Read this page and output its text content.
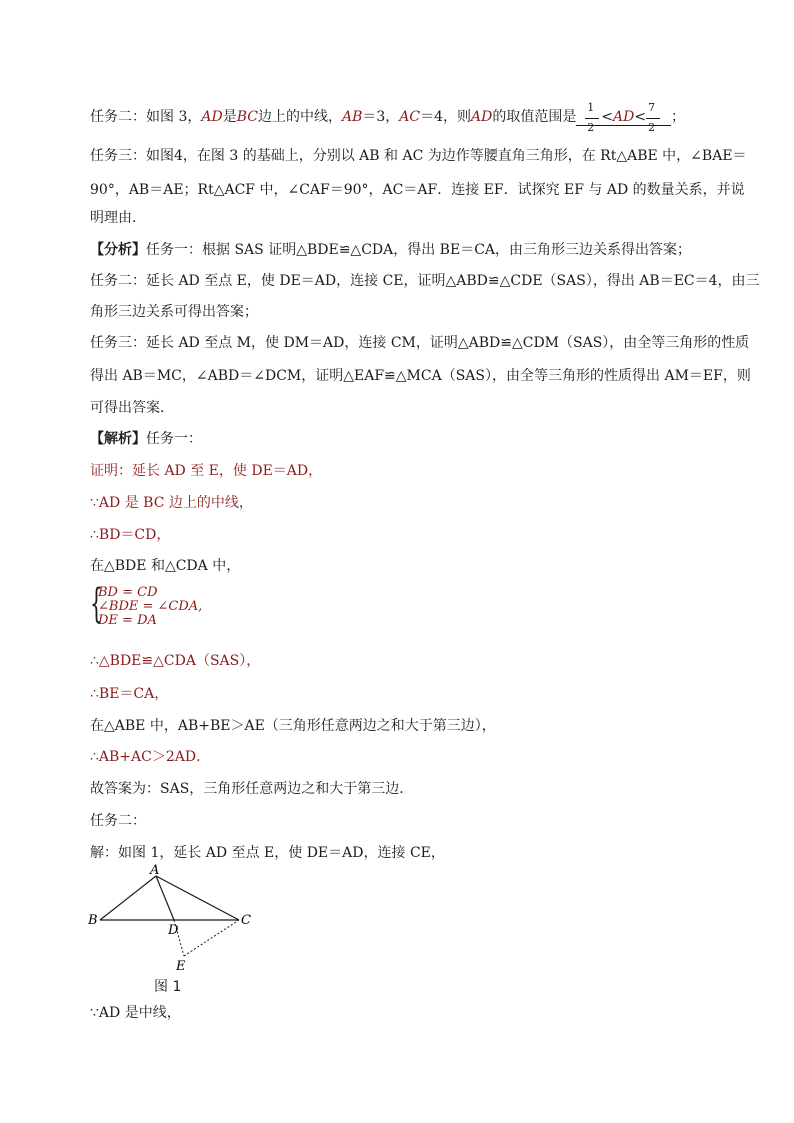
任务二：如图 3，AD是BC边上的中线，AB＝3，AC＝4，则AD的取值范围是 $\frac{1}{2} <AD< \frac{7}{2}$ ；
任务三：如图4，在图 3 的基础上，分别以 AB 和 AC 为边作等腰直角三角形，在 Rt△ABE 中，∠BAE＝
90°，AB＝AE；Rt△ACF 中，∠CAF＝90°，AC＝AF．连接 EF．试探究 EF 与 AD 的数量关系，并说
明理由．
【分析】任务一：根据 SAS 证明△BDE≌△CDA，得出 BE＝CA，由三角形三边关系得出答案；
任务二：延长 AD 至点 E，使 DE＝AD，连接 CE，证明△ABD≌△CDE（SAS），得出 AB＝EC＝4，由三
角形三边关系可得出答案；
任务三：延长 AD 至点 M，使 DM＝AD，连接 CM，证明△ABD≌△CDM（SAS），由全等三角形的性质
得出 AB＝MC，∠ABD＝∠DCM，证明△EAF≌△MCA（SAS），由全等三角形的性质得出 AM＝EF，则
可得出答案．
【解析】任务一：
证明：延长 AD 至 E，使 DE＝AD，
∵AD 是 BC 边上的中线，
∴BD＝CD，
在△BDE 和△CDA 中，
{
BD = CD
∠BDE = ∠CDA,
DE = DA
∴△BDE≌△CDA（SAS），
∴BE＝CA，
在△ABE 中，AB+BE＞AE（三角形任意两边之和大于第三边），
∴AB+AC＞2AD．
故答案为：SAS，三角形任意两边之和大于第三边．
任务二：
解：如图 1，延长 AD 至点 E，使 DE＝AD，连接 CE，
A
B	C
D
E
图 1
∵AD 是中线，
